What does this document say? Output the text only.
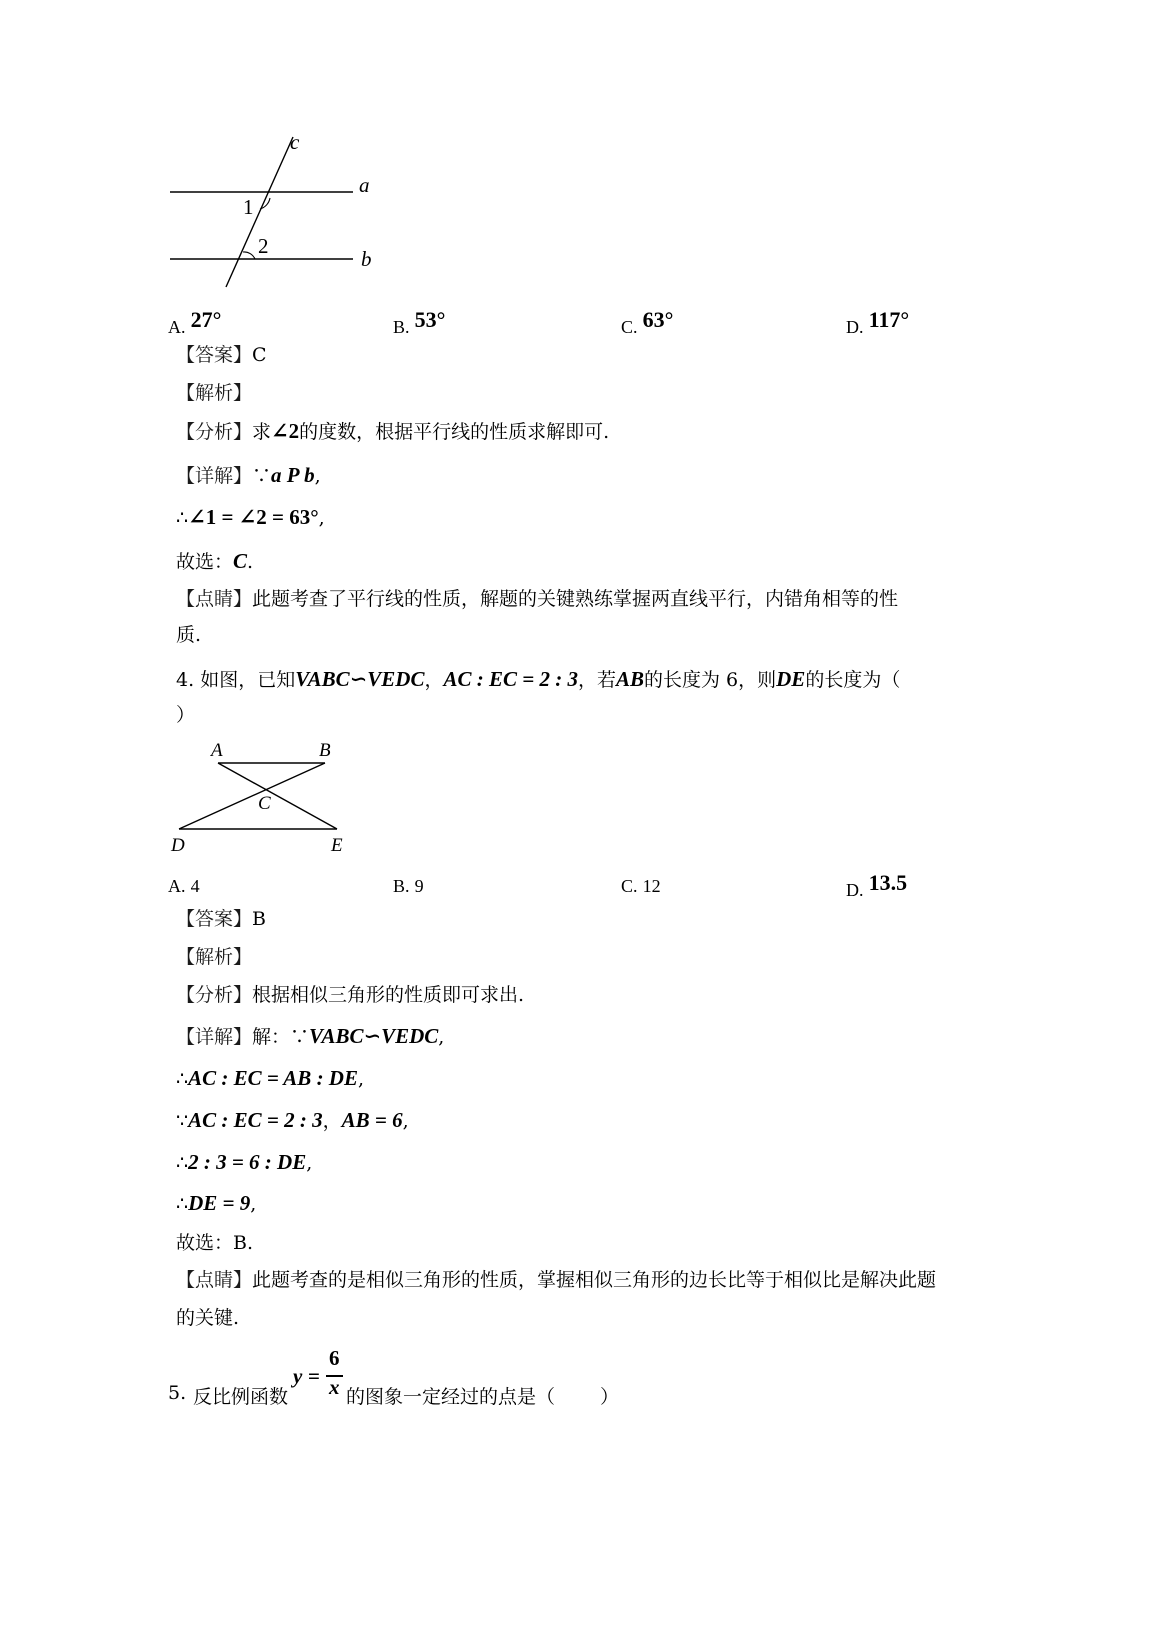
c
a
b
1
2
A. 27°	B. 53°	C. 63°	D. 117°
【答案】C
【解析】
【分析】求∠2的度数，根据平行线的性质求解即可.
【详解】∵a P b,
∴∠1 = ∠2 = 63°,
故选：C.
【点睛】此题考查了平行线的性质，解题的关键熟练掌握两直线平行，内错角相等的性
质.
4. 如图，已知VABC∽VEDC，AC : EC = 2 : 3，若AB的长度为 6，则DE的长度为（
）
A	B
C
D	E
A. 4	B. 9	C. 12	D. 13.5
【答案】B
【解析】
【分析】根据相似三角形的性质即可求出.
【详解】解：∵VABC∽VEDC,
∴AC : EC = AB : DE,
∵AC : EC = 2 : 3，AB = 6,
∴2 : 3 = 6 : DE,
∴DE = 9,
故选：B.
【点睛】此题考查的是相似三角形的性质，掌握相似三角形的边长比等于相似比是解决此题
的关键.
5. 反比例函数
y =
6
x 的图象一定经过的点是（ ）
